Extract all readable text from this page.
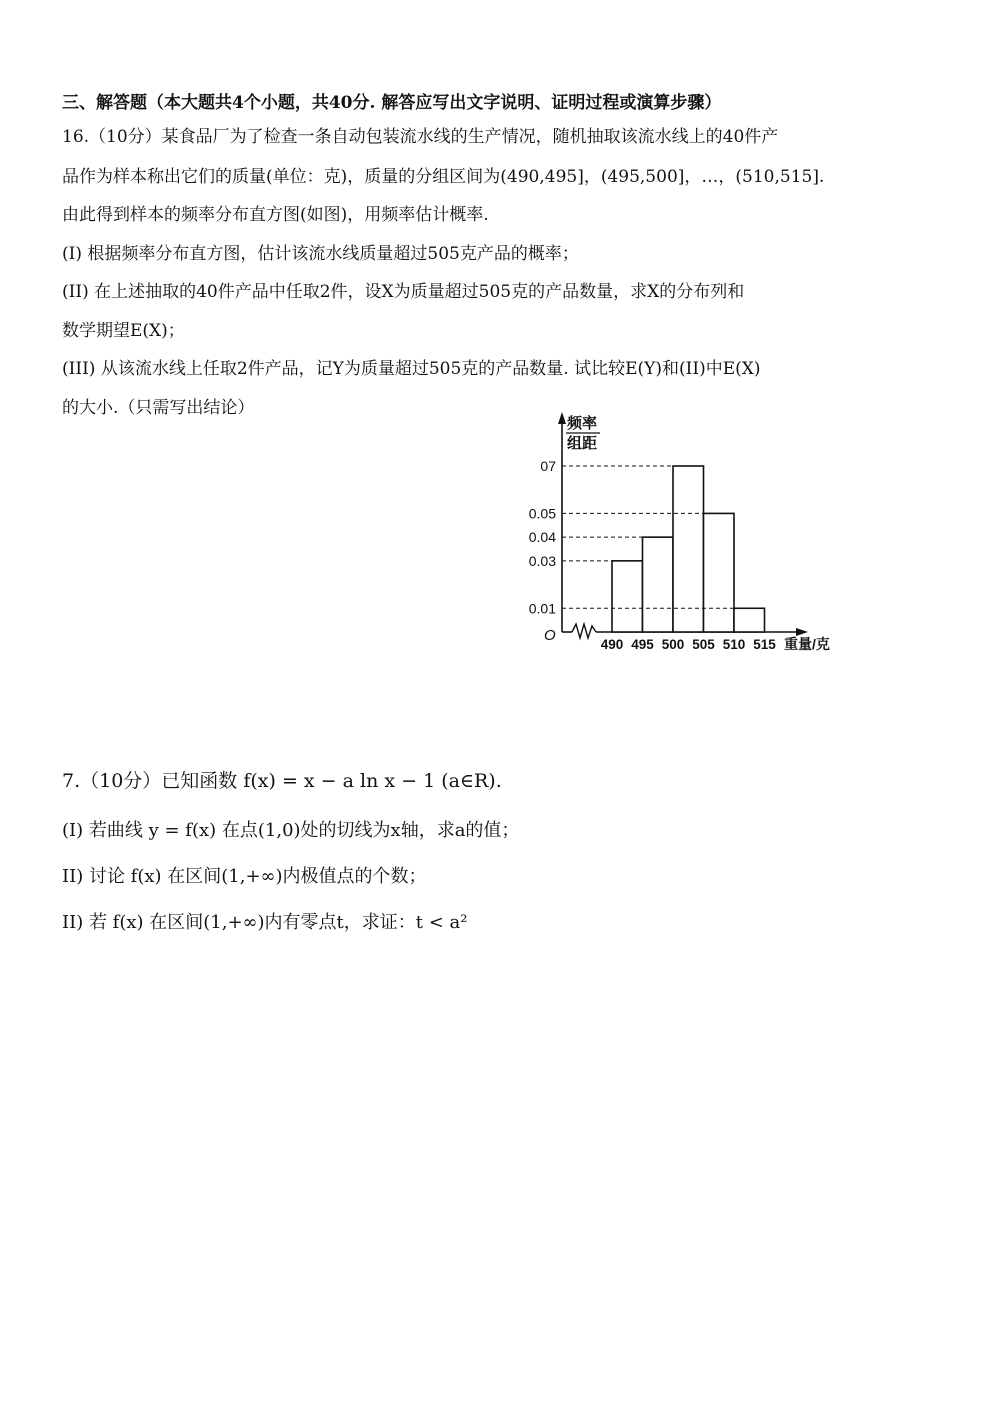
三、解答题（本大题共4个小题，共40分. 解答应写出文字说明、证明过程或演算步骤）
16.（10分）某食品厂为了检查一条自动包装流水线的生产情况，随机抽取该流水线上的40件产
品作为样本称出它们的质量(单位：克)，质量的分组区间为(490,495]，(495,500]，…，(510,515].
由此得到样本的频率分布直方图(如图)，用频率估计概率.
(I) 根据频率分布直方图，估计该流水线质量超过505克产品的概率；
(II) 在上述抽取的40件产品中任取2件，设X为质量超过505克的产品数量，求X的分布列和
数学期望E(X)；
(III) 从该流水线上任取2件产品，记Y为质量超过505克的产品数量. 试比较E(Y)和(II)中E(X)
的大小.（只需写出结论）
O
频率
组距
0.01
0.03
0.04
0.05
07
490 495 500 505 510 515 重量/克
7.（10分）已知函数 f(x) = x − a ln x − 1 (a∈R).
(I) 若曲线 y = f(x) 在点(1,0)处的切线为x轴，求a的值；
II) 讨论 f(x) 在区间(1,+∞)内极值点的个数；
II) 若 f(x) 在区间(1,+∞)内有零点t，求证：t < a²
